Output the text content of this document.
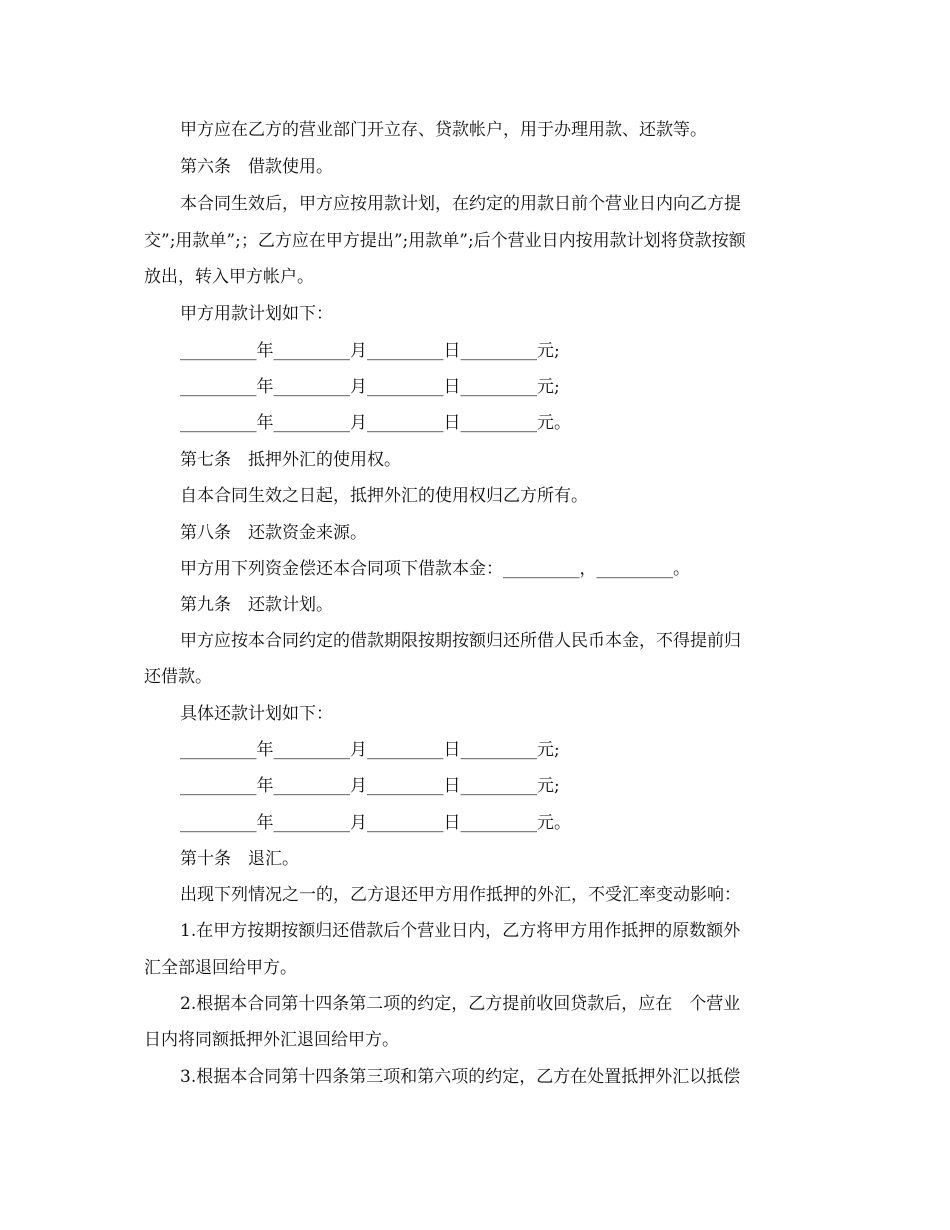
甲方应在乙方的营业部门开立存、贷款帐户，用于办理用款、还款等。
第六条　借款使用。
本合同生效后，甲方应按用款计划，在约定的用款日前个营业日内向乙方提
交”;用款单”;；乙方应在甲方提出”;用款单”;后个营业日内按用款计划将贷款按额
放出，转入甲方帐户。
甲方用款计划如下：
_________年_________月_________日_________元;
_________年_________月_________日_________元;
_________年_________月_________日_________元。
第七条　抵押外汇的使用权。
自本合同生效之日起，抵押外汇的使用权归乙方所有。
第八条　还款资金来源。
甲方用下列资金偿还本合同项下借款本金：_________，_________。
第九条　还款计划。
甲方应按本合同约定的借款期限按期按额归还所借人民币本金，不得提前归
还借款。
具体还款计划如下：
_________年_________月_________日_________元;
_________年_________月_________日_________元;
_________年_________月_________日_________元。
第十条　退汇。
出现下列情况之一的，乙方退还甲方用作抵押的外汇，不受汇率变动影响：
1.在甲方按期按额归还借款后个营业日内，乙方将甲方用作抵押的原数额外
汇全部退回给甲方。
2.根据本合同第十四条第二项的约定，乙方提前收回贷款后，应在　个营业
日内将同额抵押外汇退回给甲方。
3.根据本合同第十四条第三项和第六项的约定，乙方在处置抵押外汇以抵偿
